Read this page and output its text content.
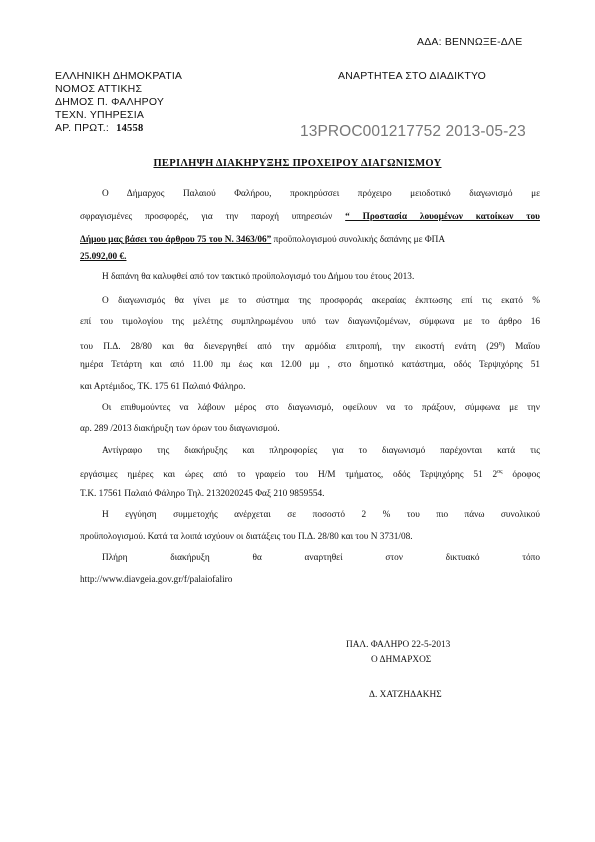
ΑΔΑ: ΒΕΝΝΩΞΕ-ΔΛΕ
ΕΛΛΗΝΙΚΗ ΔΗΜΟΚΡΑΤΙΑ
ΝΟΜΟΣ ΑΤΤΙΚΗΣ
ΔΗΜΟΣ Π. ΦΑΛΗΡΟΥ
ΤΕΧΝ. ΥΠΗΡΕΣΙΑ
ΑΡ. ΠΡΩΤ.: 14558
ΑΝΑΡΤΗΤΕΑ ΣΤΟ ΔΙΑΔΙΚΤΥΟ
13PROC001217752 2013-05-23
ΠΕΡΙΛΗΨΗ ΔΙΑΚΗΡΥΞΗΣ ΠΡΟΧΕΙΡΟΥ ΔΙΑΓΩΝΙΣΜΟΥ
Ο Δήμαρχος Παλαιού Φαλήρου, προκηρύσσει πρόχειρο μειοδοτικό διαγωνισμό με
σφραγισμένες προσφορές, για την παροχή υπηρεσιών “ Προστασία λουομένων κατοίκων του
Δήμου μας βάσει του άρθρου 75 του Ν. 3463/06” προϋπολογισμού συνολικής δαπάνης με ΦΠΑ
25.092,00 €.
Η δαπάνη θα καλυφθεί από τον τακτικό προϋπολογισμό του Δήμου του έτους 2013.
Ο διαγωνισμός θα γίνει με το σύστημα της προσφοράς ακεραίας έκπτωσης επί τις εκατό %
επί του τιμολογίου της μελέτης συμπληρωμένου υπό των διαγωνιζομένων, σύμφωνα με το άρθρο 16
του Π.Δ. 28/80 και θα διενεργηθεί από την αρμόδια επιτροπή, την εικοστή ενάτη $(29^\eta)$ Μαΐου
ημέρα Τετάρτη και από 11.00 πμ έως και 12.00 μμ , στο δημοτικό κατάστημα, οδός Τερψιχόρης 51
και Αρτέμιδος, ΤΚ. 175 61 Παλαιό Φάληρο.
Οι επιθυμούντες να λάβουν μέρος στο διαγωνισμό, οφείλουν να το πράξουν, σύμφωνα με την
αρ. 289 /2013 διακήρυξη των όρων του διαγωνισμού.
Αντίγραφο της διακήρυξης και πληροφορίες για το διαγωνισμό παρέχονται κατά τις
εργάσιμες ημέρες και ώρες από το γραφείο του Η/Μ τμήματος, οδός Τερψιχόρης 51 $2^{o\varsigma}$ όροφος
Τ.Κ. 17561 Παλαιό Φάληρο Τηλ. 2132020245 Φαξ 210 9859554.
Η εγγύηση συμμετοχής ανέρχεται σε ποσοστό 2 % του πιο πάνω συνολικού
προϋπολογισμού. Κατά τα λοιπά ισχύουν οι διατάξεις του Π.Δ. 28/80 και του Ν 3731/08.
Πλήρη διακήρυξη θα αναρτηθεί στον δικτυακό τόπο
http://www.diavgeia.gov.gr/f/palaiofaliro
ΠΑΛ. ΦΑΛΗΡΟ 22-5-2013
Ο ΔΗΜΑΡΧΟΣ
Δ. ΧΑΤΖΗΔΑΚΗΣ
